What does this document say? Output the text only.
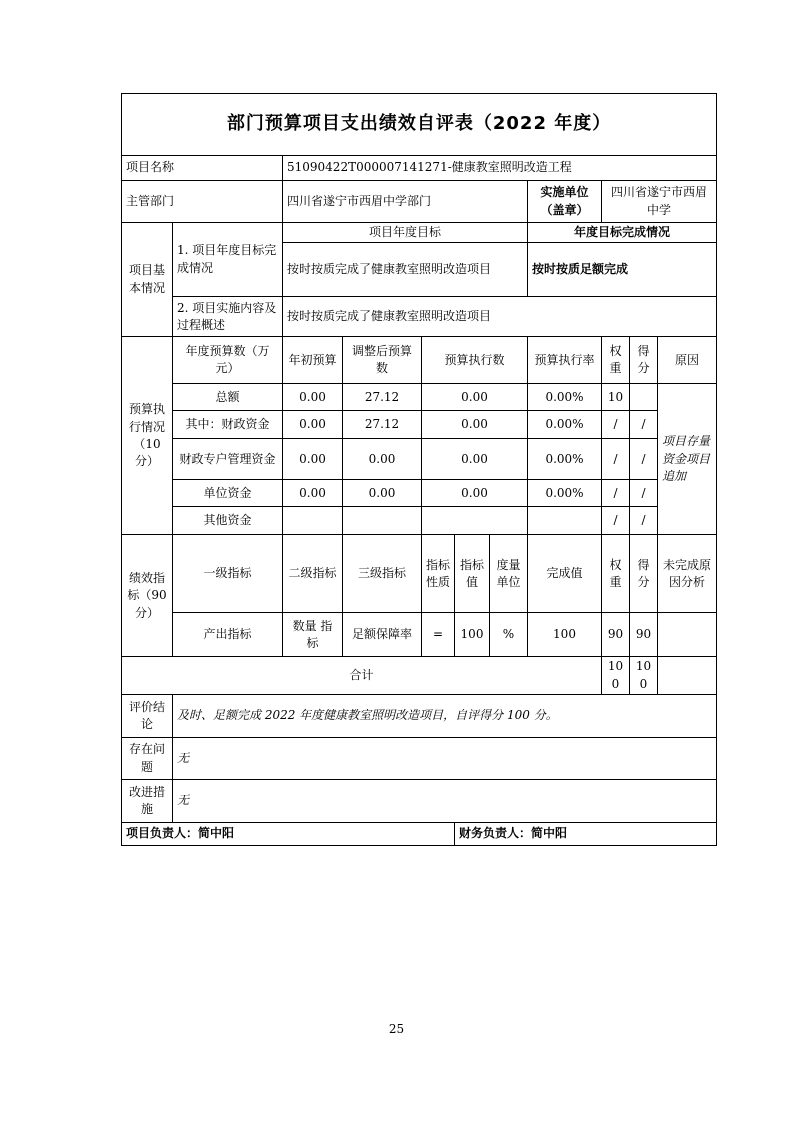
部门预算项目支出绩效自评表（2022 年度）										
项目名称		51090422T000007141271-健康教室照明改造工程								
主管部门		四川省遂宁市西眉中学部门					实施单位（盖章）	四川省遂宁市西眉中学		
项目基本情况	1. 项目年度目标完成情况	项目年度目标					年度目标完成情况			
		按时按质完成了健康教室照明改造项目					按时按质足额完成			
	2. 项目实施内容及过程概述	按时按质完成了健康教室照明改造项目								
预算执行情况（10 分）	年度预算数（万元）	年初预算	调整后预算数	预算执行数			预算执行率	权重	得分	原因
	总额	0.00	27.12	0.00			0.00%	10		项目存量资金项目追加
	其中：财政资金	0.00	27.12	0.00			0.00%	/	/	
	财政专户管理资金	0.00	0.00	0.00			0.00%	/	/	
	单位资金	0.00	0.00	0.00			0.00%	/	/	
	其他资金							/	/	
绩效指标（90 分）	一级指标	二级指标	三级指标	指标性质	指标值	度量单位	完成值	权重	得分	未完成原因分析
	产出指标	数量 指标	足额保障率	=	100	%	100	90	90	
合计								100	100	
评价结论	及时、足额完成 2022 年度健康教室照明改造项目，自评得分 100 分。									
存在问题	无									
改进措施	无									
项目负责人：简中阳					财务负责人：简中阳					
25
